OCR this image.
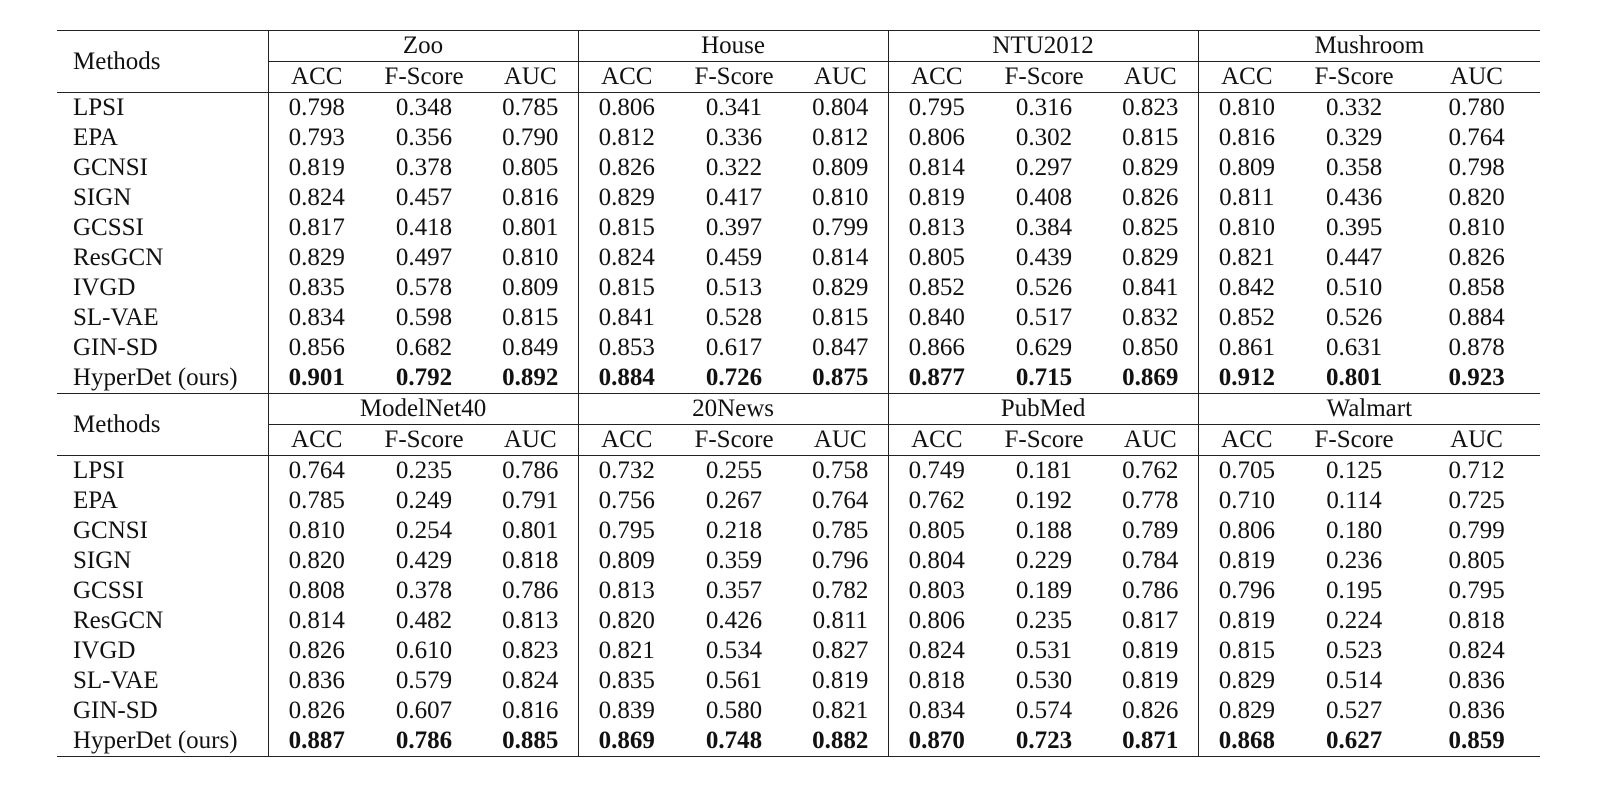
Methods	Zoo			House			NTU2012			Mushroom		
	ACC	F-Score	AUC	ACC	F-Score	AUC	ACC	F-Score	AUC	ACC	F-Score	AUC
LPSI	0.798	0.348	0.785	0.806	0.341	0.804	0.795	0.316	0.823	0.810	0.332	0.780
EPA	0.793	0.356	0.790	0.812	0.336	0.812	0.806	0.302	0.815	0.816	0.329	0.764
GCNSI	0.819	0.378	0.805	0.826	0.322	0.809	0.814	0.297	0.829	0.809	0.358	0.798
SIGN	0.824	0.457	0.816	0.829	0.417	0.810	0.819	0.408	0.826	0.811	0.436	0.820
GCSSI	0.817	0.418	0.801	0.815	0.397	0.799	0.813	0.384	0.825	0.810	0.395	0.810
ResGCN	0.829	0.497	0.810	0.824	0.459	0.814	0.805	0.439	0.829	0.821	0.447	0.826
IVGD	0.835	0.578	0.809	0.815	0.513	0.829	0.852	0.526	0.841	0.842	0.510	0.858
SL-VAE	0.834	0.598	0.815	0.841	0.528	0.815	0.840	0.517	0.832	0.852	0.526	0.884
GIN-SD	0.856	0.682	0.849	0.853	0.617	0.847	0.866	0.629	0.850	0.861	0.631	0.878
HyperDet (ours)	0.901	0.792	0.892	0.884	0.726	0.875	0.877	0.715	0.869	0.912	0.801	0.923
Methods	ModelNet40			20News			PubMed			Walmart		
	ACC	F-Score	AUC	ACC	F-Score	AUC	ACC	F-Score	AUC	ACC	F-Score	AUC
LPSI	0.764	0.235	0.786	0.732	0.255	0.758	0.749	0.181	0.762	0.705	0.125	0.712
EPA	0.785	0.249	0.791	0.756	0.267	0.764	0.762	0.192	0.778	0.710	0.114	0.725
GCNSI	0.810	0.254	0.801	0.795	0.218	0.785	0.805	0.188	0.789	0.806	0.180	0.799
SIGN	0.820	0.429	0.818	0.809	0.359	0.796	0.804	0.229	0.784	0.819	0.236	0.805
GCSSI	0.808	0.378	0.786	0.813	0.357	0.782	0.803	0.189	0.786	0.796	0.195	0.795
ResGCN	0.814	0.482	0.813	0.820	0.426	0.811	0.806	0.235	0.817	0.819	0.224	0.818
IVGD	0.826	0.610	0.823	0.821	0.534	0.827	0.824	0.531	0.819	0.815	0.523	0.824
SL-VAE	0.836	0.579	0.824	0.835	0.561	0.819	0.818	0.530	0.819	0.829	0.514	0.836
GIN-SD	0.826	0.607	0.816	0.839	0.580	0.821	0.834	0.574	0.826	0.829	0.527	0.836
HyperDet (ours)	0.887	0.786	0.885	0.869	0.748	0.882	0.870	0.723	0.871	0.868	0.627	0.859
